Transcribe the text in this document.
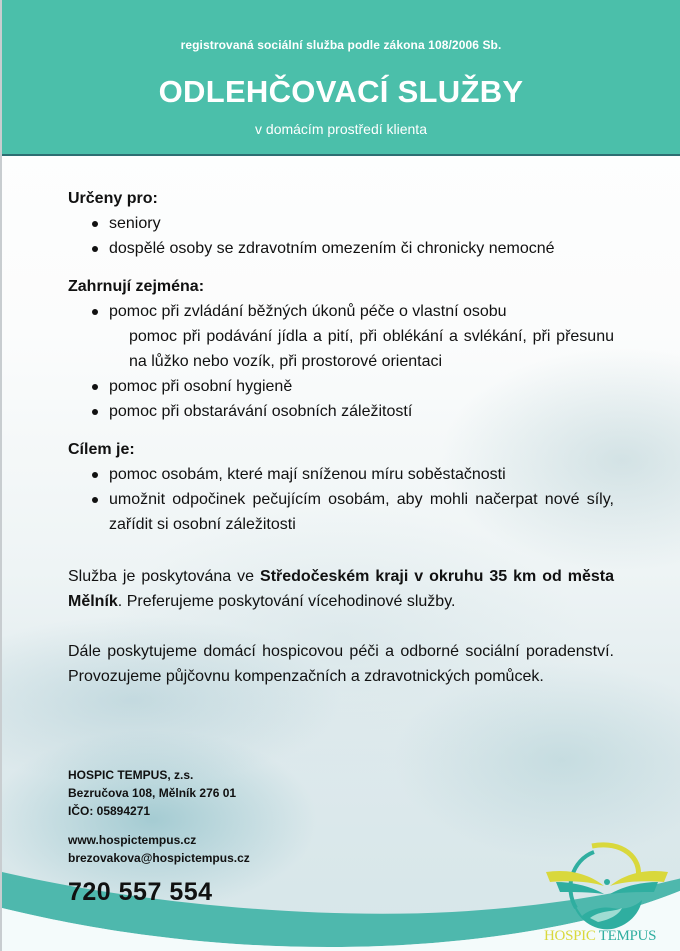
registrovaná sociální služba podle zákona 108/2006 Sb.
ODLEHČOVACÍ SLUŽBY
v domácím prostředí klienta

Určeny pro:

seniory
dospělé osoby se zdravotním omezením či chronicky nemocné

Zahrnují zejména:

pomoc při zvládání běžných úkonů péče o vlastní osobu
pomoc při podávání jídla a pití, při oblékání a svlékání, při přesunu na lůžko nebo vozík, při prostorové orientaci
pomoc při osobní hygieně
pomoc při obstarávání osobních záležitostí

Cílem je:

pomoc osobám, které mají sníženou míru soběstačnosti
umožnit odpočinek pečujícím osobám, aby mohli načerpat nové síly, zařídit si osobní záležitosti

Služba je poskytována ve Středočeském kraji v okruhu 35 km od města Mělník. Preferujeme poskytování vícehodinové služby.

Dále poskytujeme domácí hospicovou péči a odborné sociální poradenství. Provozujeme půjčovnu kompenzačních a zdravotnických pomůcek.

HOSPIC TEMPUS, z.s.
Bezručova 108, Mělník 276 01
IČO: 05894271
www.hospictempus.cz
brezovakova@hospictempus.cz
720 557 554
HOSPIC TEMPUS
